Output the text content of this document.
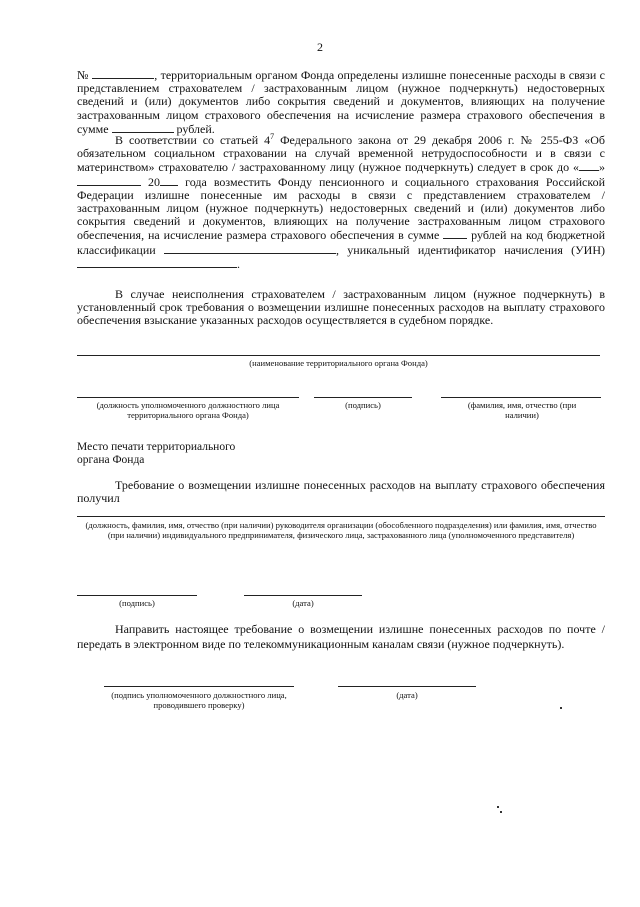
2

№	, территориальным органом Фонда определены излишне понесенные расходы в связи с представлением страхователем / застрахованным лицом (нужное подчеркнуть) недостоверных сведений и (или) документов либо сокрытия сведений и документов, влияющих на получение застрахованным лицом страхового обеспечения на исчисление размера страхового обеспечения в сумме	рублей.

В соответствии со статьей $4^7$ Федерального закона от 29 декабря 2006 г. № 255-ФЗ «Об обязательном социальном страховании на случай временной нетрудоспособности и в связи с материнством» страхователю / застрахованному лицу (нужное подчеркнуть) следует в срок до « »  20 года возместить Фонду пенсионного и социального страхования Российской Федерации излишне понесенные им расходы в связи с представлением страхователем / застрахованным лицом (нужное подчеркнуть) недостоверных сведений и (или) документов либо сокрытия сведений и документов, влияющих на получение застрахованным лицом страхового обеспечения, на исчисление размера страхового обеспечения в сумме	рублей на код бюджетной классификации	, уникальный идентификатор начисления (УИН) .

В случае неисполнения страхователем / застрахованным лицом (нужное подчеркнуть) в установленный срок требования о возмещении излишне понесенных расходов на выплату страхового обеспечения взыскание указанных расходов осуществляется в судебном порядке.

(наименование территориального органа Фонда)
(должность уполномоченного должностного лица территориального органа Фонда)
(подпись)	(фамилия, имя, отчество (при наличии)
Место печати территориального органа Фонда

Требование о возмещении излишне понесенных расходов на выплату страхового обеспечения получил

(должность, фамилия, имя, отчество (при наличии) руководителя организации (обособленного подразделения) или фамилия, имя, отчество (при наличии) индивидуального предпринимателя, физического лица, застрахованного лица (уполномоченного представителя)
(подпись)	(дата)

Направить настоящее требование о возмещении излишне понесенных расходов по почте / передать в электронном виде по телекоммуникационным каналам связи (нужное подчеркнуть).

(подпись уполномоченного должностного лица, проводившего проверку)
(дата)
